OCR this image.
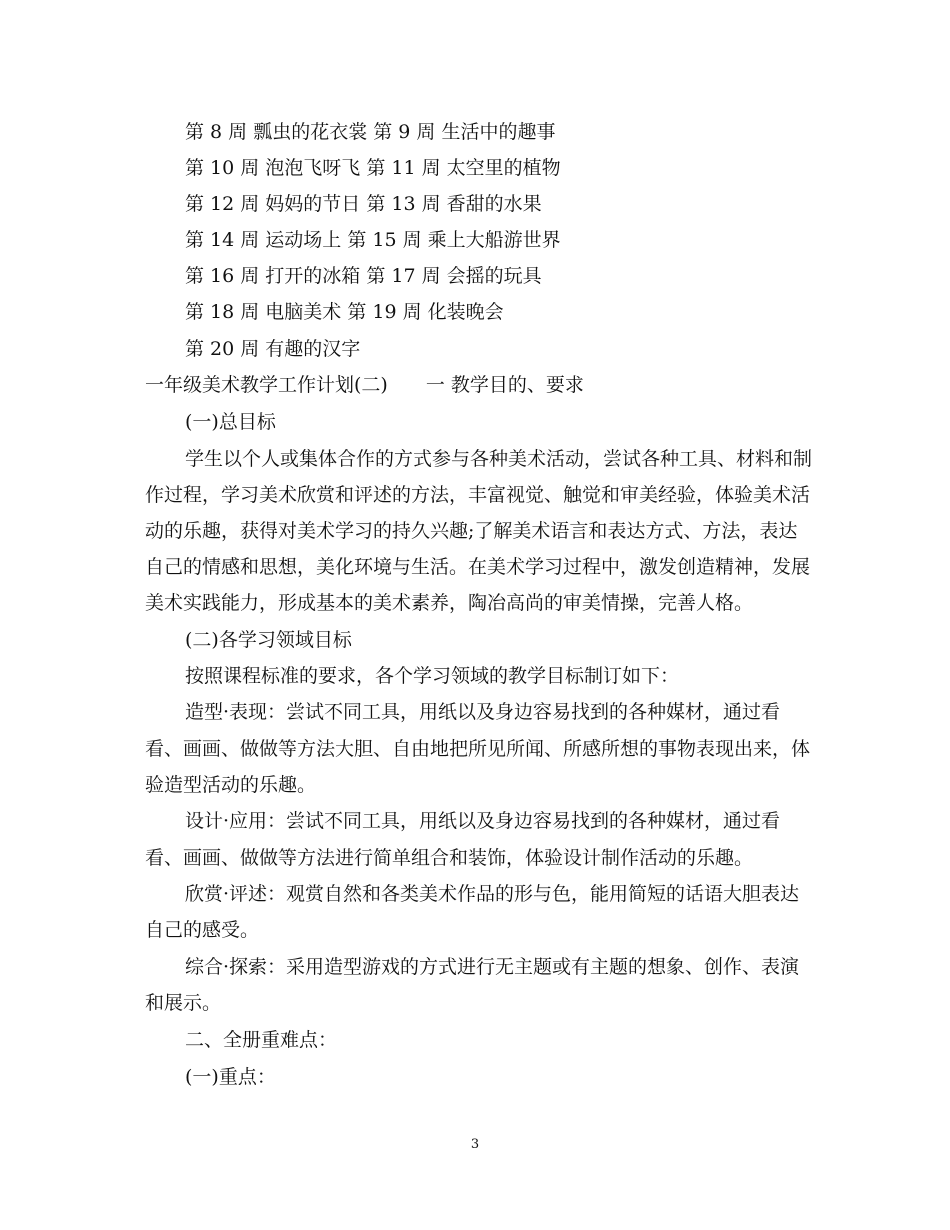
第 8 周 瓢虫的花衣裳 第 9 周 生活中的趣事
第 10 周 泡泡飞呀飞 第 11 周 太空里的植物
第 12 周 妈妈的节日 第 13 周 香甜的水果
第 14 周 运动场上 第 15 周 乘上大船游世界
第 16 周 打开的冰箱 第 17 周 会摇的玩具
第 18 周 电脑美术 第 19 周 化装晚会
第 20 周 有趣的汉字
一年级美术教学工作计划(二)　　一 教学目的、要求
(一)总目标
学生以个人或集体合作的方式参与各种美术活动，尝试各种工具、材料和制
作过程，学习美术欣赏和评述的方法，丰富视觉、触觉和审美经验，体验美术活
动的乐趣，获得对美术学习的持久兴趣;了解美术语言和表达方式、方法，表达
自己的情感和思想，美化环境与生活。在美术学习过程中，激发创造精神，发展
美术实践能力，形成基本的美术素养，陶冶高尚的审美情操，完善人格。
(二)各学习领域目标
按照课程标准的要求，各个学习领域的教学目标制订如下：
造型·表现：尝试不同工具，用纸以及身边容易找到的各种媒材，通过看
看、画画、做做等方法大胆、自由地把所见所闻、所感所想的事物表现出来，体
验造型活动的乐趣。
设计·应用：尝试不同工具，用纸以及身边容易找到的各种媒材，通过看
看、画画、做做等方法进行简单组合和装饰，体验设计制作活动的乐趣。
欣赏·评述：观赏自然和各类美术作品的形与色，能用简短的话语大胆表达
自己的感受。
综合·探索：采用造型游戏的方式进行无主题或有主题的想象、创作、表演
和展示。
二、全册重难点：
(一)重点：
3
